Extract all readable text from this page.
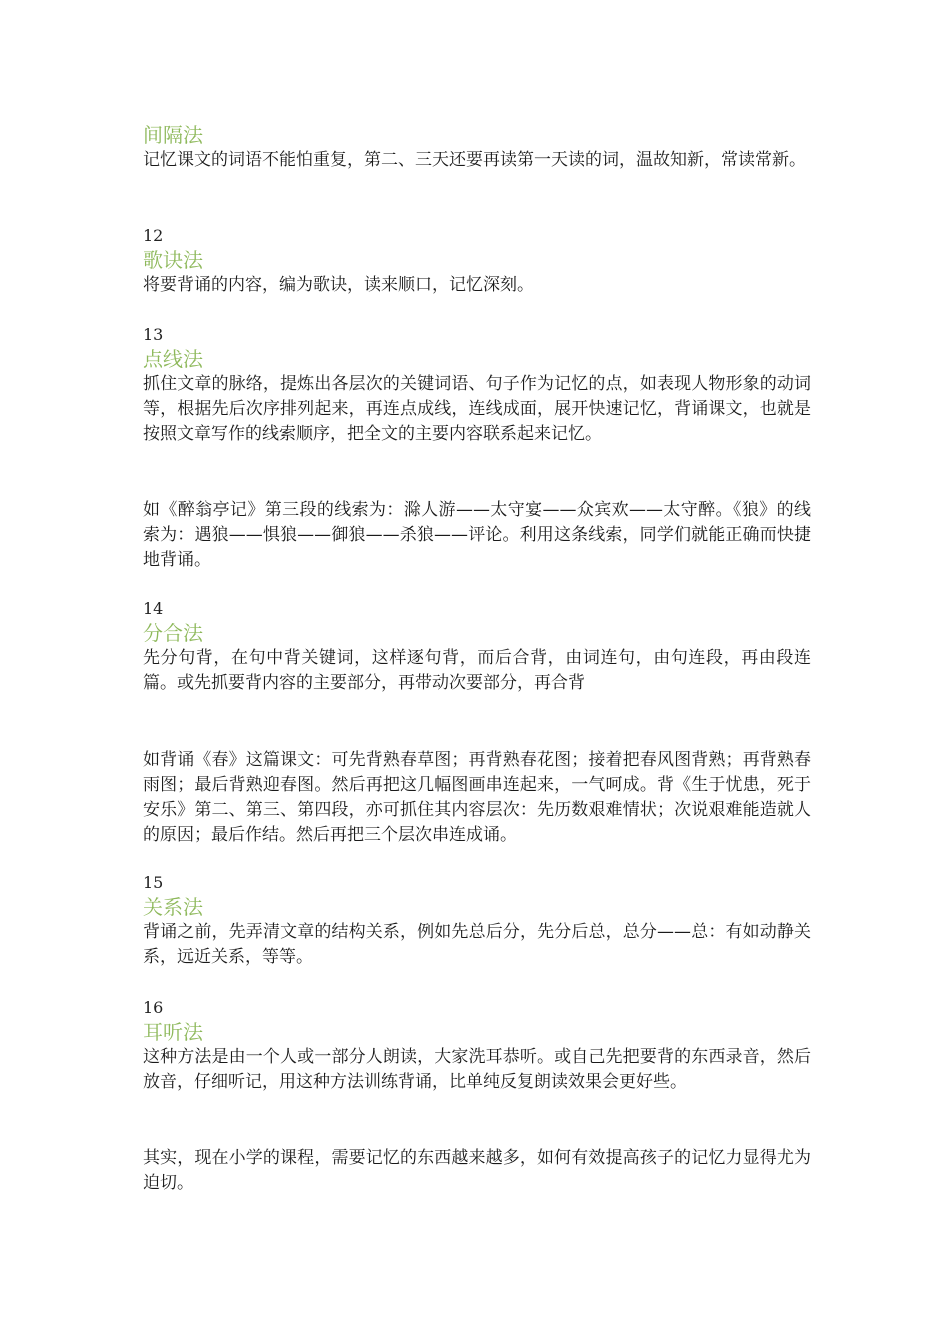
间隔法

记忆课文的词语不能怕重复，第二、三天还要再读第一天读的词，温故知新，常读常新。

12
歌诀法

将要背诵的内容，编为歌诀，读来顺口，记忆深刻。

13
点线法

抓住文章的脉络，提炼出各层次的关键词语、句子作为记忆的点，如表现人物形象的动词等，根据先后次序排列起来，再连点成线，连线成面，展开快速记忆，背诵课文，也就是按照文章写作的线索顺序，把全文的主要内容联系起来记忆。

如《醉翁亭记》第三段的线索为：滁人游——太守宴——众宾欢——太守醉。《狼》的线索为：遇狼——惧狼——御狼——杀狼——评论。利用这条线索，同学们就能正确而快捷地背诵。

14
分合法

先分句背，在句中背关键词，这样逐句背，而后合背，由词连句，由句连段，再由段连篇。或先抓要背内容的主要部分，再带动次要部分，再合背

如背诵《春》这篇课文：可先背熟春草图；再背熟春花图；接着把春风图背熟；再背熟春雨图；最后背熟迎春图。然后再把这几幅图画串连起来，一气呵成。背《生于忧患，死于安乐》第二、第三、第四段，亦可抓住其内容层次：先历数艰难情状；次说艰难能造就人的原因；最后作结。然后再把三个层次串连成诵。

15
关系法

背诵之前，先弄清文章的结构关系，例如先总后分，先分后总，总分——总：有如动静关系，远近关系，等等。

16
耳听法

这种方法是由一个人或一部分人朗读，大家洗耳恭听。或自己先把要背的东西录音，然后放音，仔细听记，用这种方法训练背诵，比单纯反复朗读效果会更好些。

其实，现在小学的课程，需要记忆的东西越来越多，如何有效提高孩子的记忆力显得尤为迫切。
